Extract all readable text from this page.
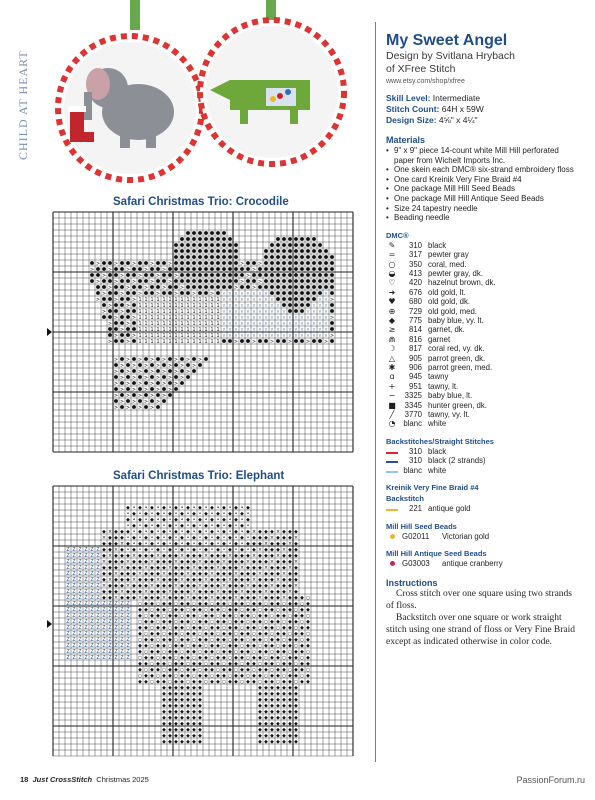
CHILD AT HEART
Safari Christmas Trio: Crocodile
>	>	>	>	>	>	>
>	>	>	>	>	>
>	>	>	>	>	>
>	>	>	>	>	>	>
>	>	>	>	>	>	>
>	>	>	>	>	>	> ▿ ▿ ▿ ▿ ▿ ▿ ▿ ▿	▿
>	>	> 1 1 1 1 1 1 1 1 1 1 1 1 1 1 ▿ ▿ ▿ ▿ ▿ ▿ ▿ ▿ ▿	▿ ▿ >
>	> 1 1 1 1 1 1 1 1 1 1 1 1 1 1 ▿ ▿ ▿ ▿ ▿ ▿ ▿ ▿ ▿ ▿	▿ ▿ ▿
>	>	1 1 1 1 1 1 1 1 1 1 1 1 1 1 ▿ ▿ ▿ ▿ ▿ ▿ ▿ ▿ ▿ ▿ ▿	▿ ▿ ▿ ▿
>	> 1 1 1 1 1 1 1 1 1 1 1 1 1 1 ▿ ▿ ▿ ▿ ▿ ▿ ▿ ▿ ▿ ▿ ▿ ▿ ▿ ▿ ▿ ▿ ▿ ▿ >
>	> 1 1 1 1 1 1 1 1 1 1 1 1 1 1 ▿ ▿ ▿ ▿ ▿ ▿ ▿ ▿ ▿ ▿ ▿ ▿ ▿ ▿ ▿ ▿ ▿ ▿
>	1 1 1 1 1 1 1 1 1 1 1 1 1 1 ▿ ▿ ▿ ▿ ▿ ▿ ▿ ▿ ▿ ▿ ▿ ▿ ▿ ▿ ▿ ▿ ▿ ▿
>	> 1 1 1 1 1 1 1 1 1 1 1 1 1 1 ▿ ▿ ▿ ▿ ▿ ▿ ▿ ▿ ▿ ▿ ▿ ▿ ▿ ▿ ▿ ▿ ▿ ▿ >
>	> 1 1 1 1 1 1 1 1 1 1 1 1 1 1	>	>	>	>	>	>
> > > > > > > >
> > > > > > >
> > > > > > >
> > > > > >
> > > > > >
> > > > >
> > > > >
> > > >
> > > >
Safari Christmas Trio: Elephant
◆ • ◆ • ◆ • ◆ • ◆ • ◆ • ◆ • ◆ • ◆ • ◆ • ◆
• ◆ • ◆ • ◆ • ◆ • ◆ • ◆ • ◆ • ◆ • ◆ • ◆ •
◆ • ◆ • ◆ • ◆ • ◆ • ◆ • ◆ • ◆ • ◆ • ◆ • ◆
• ◆ • ◆ • ◆ • ◆ • ◆ • ◆ • ◆ • ◆ • ◆ • ◆ •
◆ × ◆ ◆ ◆ • ◆ • ◆ • ◆ • ◆ • ◆ • ◆ • ◆ • ◆ • ◆ • ◆ × ◆ ◆ ◆ × ◆ ◆ ◆
× ◆ ◆ ◆ • ◆ • ◆ • ◆ • ◆ • ◆ • ◆ • ◆ • ◆ • ◆ • ◆ • ◆ ◆ ◆ × ◆ ◆ ◆ ×
◆ ◆ ◆ × ◆ • ◆ • ◆ • ◆ • ◆ • ◆ • ◆ • ◆ • ◆ • ◆ • ◆ ◆ ◆ × ◆ ◆ ◆ × ◆
Z Z Z Z Z Z ◆ ◆ × ◆ • ◆ • ◆ • ◆ • ◆ • ◆ • ◆ • ◆ • ◆ • ◆ • ◆ • ◆ × ◆ ◆ ◆ × ◆ ◆
Z Z Z Z Z Z ◆ × ◆ ◆ ◆ × ◆ ◆ ◆ × ◆ ◆ ◆ × ◆ ◆ ◆ × ◆ ◆ ◆ × ◆ ◆ ◆ × ◆ ◆ ◆ × ◆ ◆ ◆
Z Z Z Z Z Z × ◆ ◆ ◆ × ◆ ◆ ◆ × ◆ ◆ ◆ × ◆ ◆ ◆ × ◆ ◆ ◆ × ◆ ◆ ◆ × ◆ ◆ ◆ × ◆ ◆ ◆ ×
Z Z Z Z Z Z ◆ ◆ ◆ × ◆ ◆ ◆ × ◆ ◆ ◆ × ◆ ◆ ◆ × ◆ ◆ ◆ × ◆ ◆ ◆ × ◆ ◆ ◆ × ◆ ◆ ◆ × ◆
Z Z Z Z Z Z ◆ ◆ × ◆ ◆ ◆ × ◆ ◆ ◆ × ◆ ◆ ◆ × ◆ ◆ ◆ × ◆ ◆ ◆ × ◆ ◆ ◆ × ◆ ◆ ◆ × ◆ ◆
Z Z Z Z Z Z ◆ × ◆ ◆ ◆ × ◆ ◆ ◆ × ◆ ◆ ◆ × ◆ ◆ ◆ × ◆ ◆ ◆ × ◆ ◆ ◆ × ◆ ◆ ◆ × ◆ ◆ ◆
Z Z Z Z Z Z × ◆ ◆ ◆ × ◆ ◆ ◆ × ◆ ◆ ◆ × ◆ ◆ ◆ × ◆ ◆ ◆ × ◆ ◆ ◆ × ◆ ◆ ◆ × ◆ ◆ ◆ ×
Z Z Z Z Z Z ◆ ◆ ◆ × ◆ ◆ ◆ × ◆ ◆ ◆ × ◆ ◆ ◆ × ◆ ◆ ◆ × ◆ ◆ ◆ × ◆ ◆ ◆ × ◆ ◆ ◆ × ◆
Z Z Z Z Z Z ◆ ◆ × ◆ ◆ ◆ × ◆ ◆ ◆ × ◆ ◆ ◆ × ◆ ◆ ◆ × ◆ ◆ ◆ × ◆ ◆ ◆ × ◆ ◆ ◆ × ◆ ◆ ◆ ○
Z Z Z Z Z Z Z Z Z Z Z ○ ◆ ◆ ○ ◆ ◆ ○ ◆ ◆ ○ ◆ ◆ ○ ◆ ◆ ○ ◆ ◆ ○ ◆ ◆ ○ ◆ ◆ ○ ◆ ◆ ○ ◆
Z Z Z Z Z Z Z Z Z Z Z ◆ ◆ ○ ◆ ◆ ○ ◆ ◆ ○ ◆ ◆ ○ ◆ ◆ ○ ◆ ◆ ○ ◆ ◆ ○ ◆ ◆ ○ ◆ ◆ ○ ◆ ◆
Z Z Z Z Z Z Z Z Z Z Z ◆ ○ ◆ ◆ ○ ◆ ◆ ○ ◆ ◆ ○ ◆ ◆ ○ ◆ ◆ ○ ◆ ◆ ○ ◆ ◆ ○ ◆ ◆ ○ ◆ ◆ ○
Z Z Z Z Z Z Z Z Z Z Z ○ ◆ ◆ ○ ◆ ◆ ○ ◆ ◆ ○ ◆ ◆ ○ ◆ ◆ ○ ◆ ◆ ○ ◆ ◆ ○ ◆ ◆ ○ ◆ ◆ ○ ◆
Z Z Z Z Z Z Z Z Z Z Z ◆ ◆ ○ ◆ ◆ ○ ◆ ◆ ○ ◆ ◆ ○ ◆ ◆ ○ ◆ ◆ ○ ◆ ◆ ○ ◆ ◆ ○ ◆ ◆ ○ ◆ ◆
Z Z Z Z Z Z Z Z Z Z Z ◆ ○ ◆ ◆ ○ ◆ ◆ ○ ◆ ◆ ○ ◆ ◆ ○ ◆ ◆ ○ ◆ ◆ ○ ◆ ◆ ○ ◆ ◆ ○ ◆ ◆ ○
Z Z Z Z Z Z Z Z Z Z Z ○ ◆ ◆ ○ ◆ ◆ ○ ◆ ◆ ○ ◆ ◆ ○ ◆ ◆ ○ ◆ ◆ ○ ◆ ◆ ○ ◆ ◆ ○ ◆ ◆ ○ ◆
Z Z Z Z Z Z Z Z Z Z Z ◆ ◆ ○ ◆ ◆ ○ ◆ ◆ ○ ◆ ◆ ○ ◆ ◆ ○ ◆ ◆ ○ ◆ ◆ ○ ◆ ◆ ○ ◆ ◆ ○ ◆ ◆
Z Z Z Z Z Z Z Z Z Z Z ◆ ○ ◆ ◆ ○ ◆ ◆ ○ ◆ ◆ ○ ◆ ◆ ○ ◆ ◆ ○ ◆ ◆ ○ ◆ ◆ ○ ◆ ◆ ○ ◆ ◆ ○
Z Z Z Z Z Z Z Z Z Z Z ○ ◆ ◆ ○ ◆ ◆ ○ ◆ ◆ ○ ◆ ◆ ○ ◆ ◆ ○ ◆ ◆ ○ ◆ ◆ ○ ◆ ◆ ○ ◆ ◆ ○ ◆
◆ ◆ ○ ◆ ◆ ○ ◆ ◆ ○ ◆ ◆ ○ ◆ ◆ ○ ◆ ◆ ○ ◆ ◆ ○ ◆ ◆ ○ ◆ ◆ ○ ◆ ◆
◆ ○ ◆ ◆ ○ ◆ ◆ ○ ◆ ◆ ○ ◆ ◆ ○ ◆ ◆ ○ ◆ ◆ ○ ◆ ◆ ○ ◆ ◆ ○ ◆ ◆ ○
○ ◆ ◆ ○ ◆ ◆ ○ ◆ ◆ ○ ◆ ◆ ○ ◆ ◆ ○ ◆ ◆ ○ ◆ ◆ ○ ◆ ◆ ○ ◆ ◆ ○ ◆
◆ ◆ ○ ◆ ◆ ○ ◆ ◆ ○ ◆ ◆ ○ ◆ ◆ ○ ◆ ◆ ○ ◆ ◆ ○ ◆ ◆ ○ ◆ ◆ ○ ◆ ◆
◆ ◆ ◆ ◆ ◆ ◆ ◆	◆ ◆ ◆ ◆ ◆ ◆ ◆
◆ ◆ ◆ ◆ ◆ ◆ ◆	◆ ◆ ◆ ◆ ◆ ◆ ◆
◆ ◆ ◆ ◆ ◆ ◆ ◆	◆ ◆ ◆ ◆ ◆ ◆ ◆
◆ ◆ ◆ ◆ ◆ ◆ ◆	◆ ◆ ◆ ◆ ◆ ◆ ◆
◆ ◆ ◆ ◆ ◆ ◆ ◆	◆ ◆ ◆ ◆ ◆ ◆ ◆
◆ ◆ ◆ ◆ ◆ ◆ ◆	◆ ◆ ◆ ◆ ◆ ◆ ◆
◆ ◆ ◆ ◆ ◆ ◆ ◆	◆ ◆ ◆ ◆ ◆ ◆ ◆
◆ ◆ ◆ ◆ ◆ ◆ ◆	◆ ◆ ◆ ◆ ◆ ◆ ◆
◆ ◆ ◆ ◆ ◆ ◆ ◆	◆ ◆ ◆ ◆ ◆ ◆ ◆
◆ ◆ ◆ ◆ ◆ ◆ ◆	◆ ◆ ◆ ◆ ◆ ◆ ◆
My Sweet Angel
Design by Svitlana Hrybach
of XFree Stitch
www.etsy.com/shop/xfree
Skill Level: Intermediate
Stitch Count: 64H x 59W
Design Size: 4⅝" x 4¼"
Materials
• 9" x 9" piece 14-count white Mill Hill perforated paper from Wichelt Imports Inc.
• One skein each DMC® six-strand embroidery floss
• One card Kreinik Very Fine Braid #4
• One package Mill Hill Seed Beads
• One package Mill Hill Antique Seed Beads
• Size 24 tapestry needle
• Beading needle
DMC®
✎	310 black
=	317 pewter gray
○	350 coral, med.
◒	413 pewter gray, dk.
♡	420 hazelnut brown, dk.
➜	676 old gold, lt.
♥	680 old gold, dk.
⊕	729 old gold, med.
◆	775 baby blue, vy. lt.
≥	814 garnet, dk.
⋒	816 garnet
☽	817 coral red, vy. dk.
△	905 parrot green, dk.
✱	906 parrot green, med.
ɑ	945 tawny
+	951 tawny, lt.
−	3325 baby blue, lt.
■	3345 hunter green, dk.
╱	3770 tawny, vy. lt.
◔	blanc white
Backstitches/Straight Stitches
310 black
310 black (2 strands)
blanc white
Kreinik Very Fine Braid #4
Backstitch
221 antique gold
Mill Hill Seed Beads
G02011	Victorian gold
Mill Hill Antique Seed Beads
G03003	antique cranberry
Instructions

Cross stitch over one square using two strands of floss.

Backstitch over one square or work straight stitch using one strand of floss or Very Fine Braid except as indicated otherwise in color code.

18 Just CrossStitch Christmas 2025	PassionForum.ru
